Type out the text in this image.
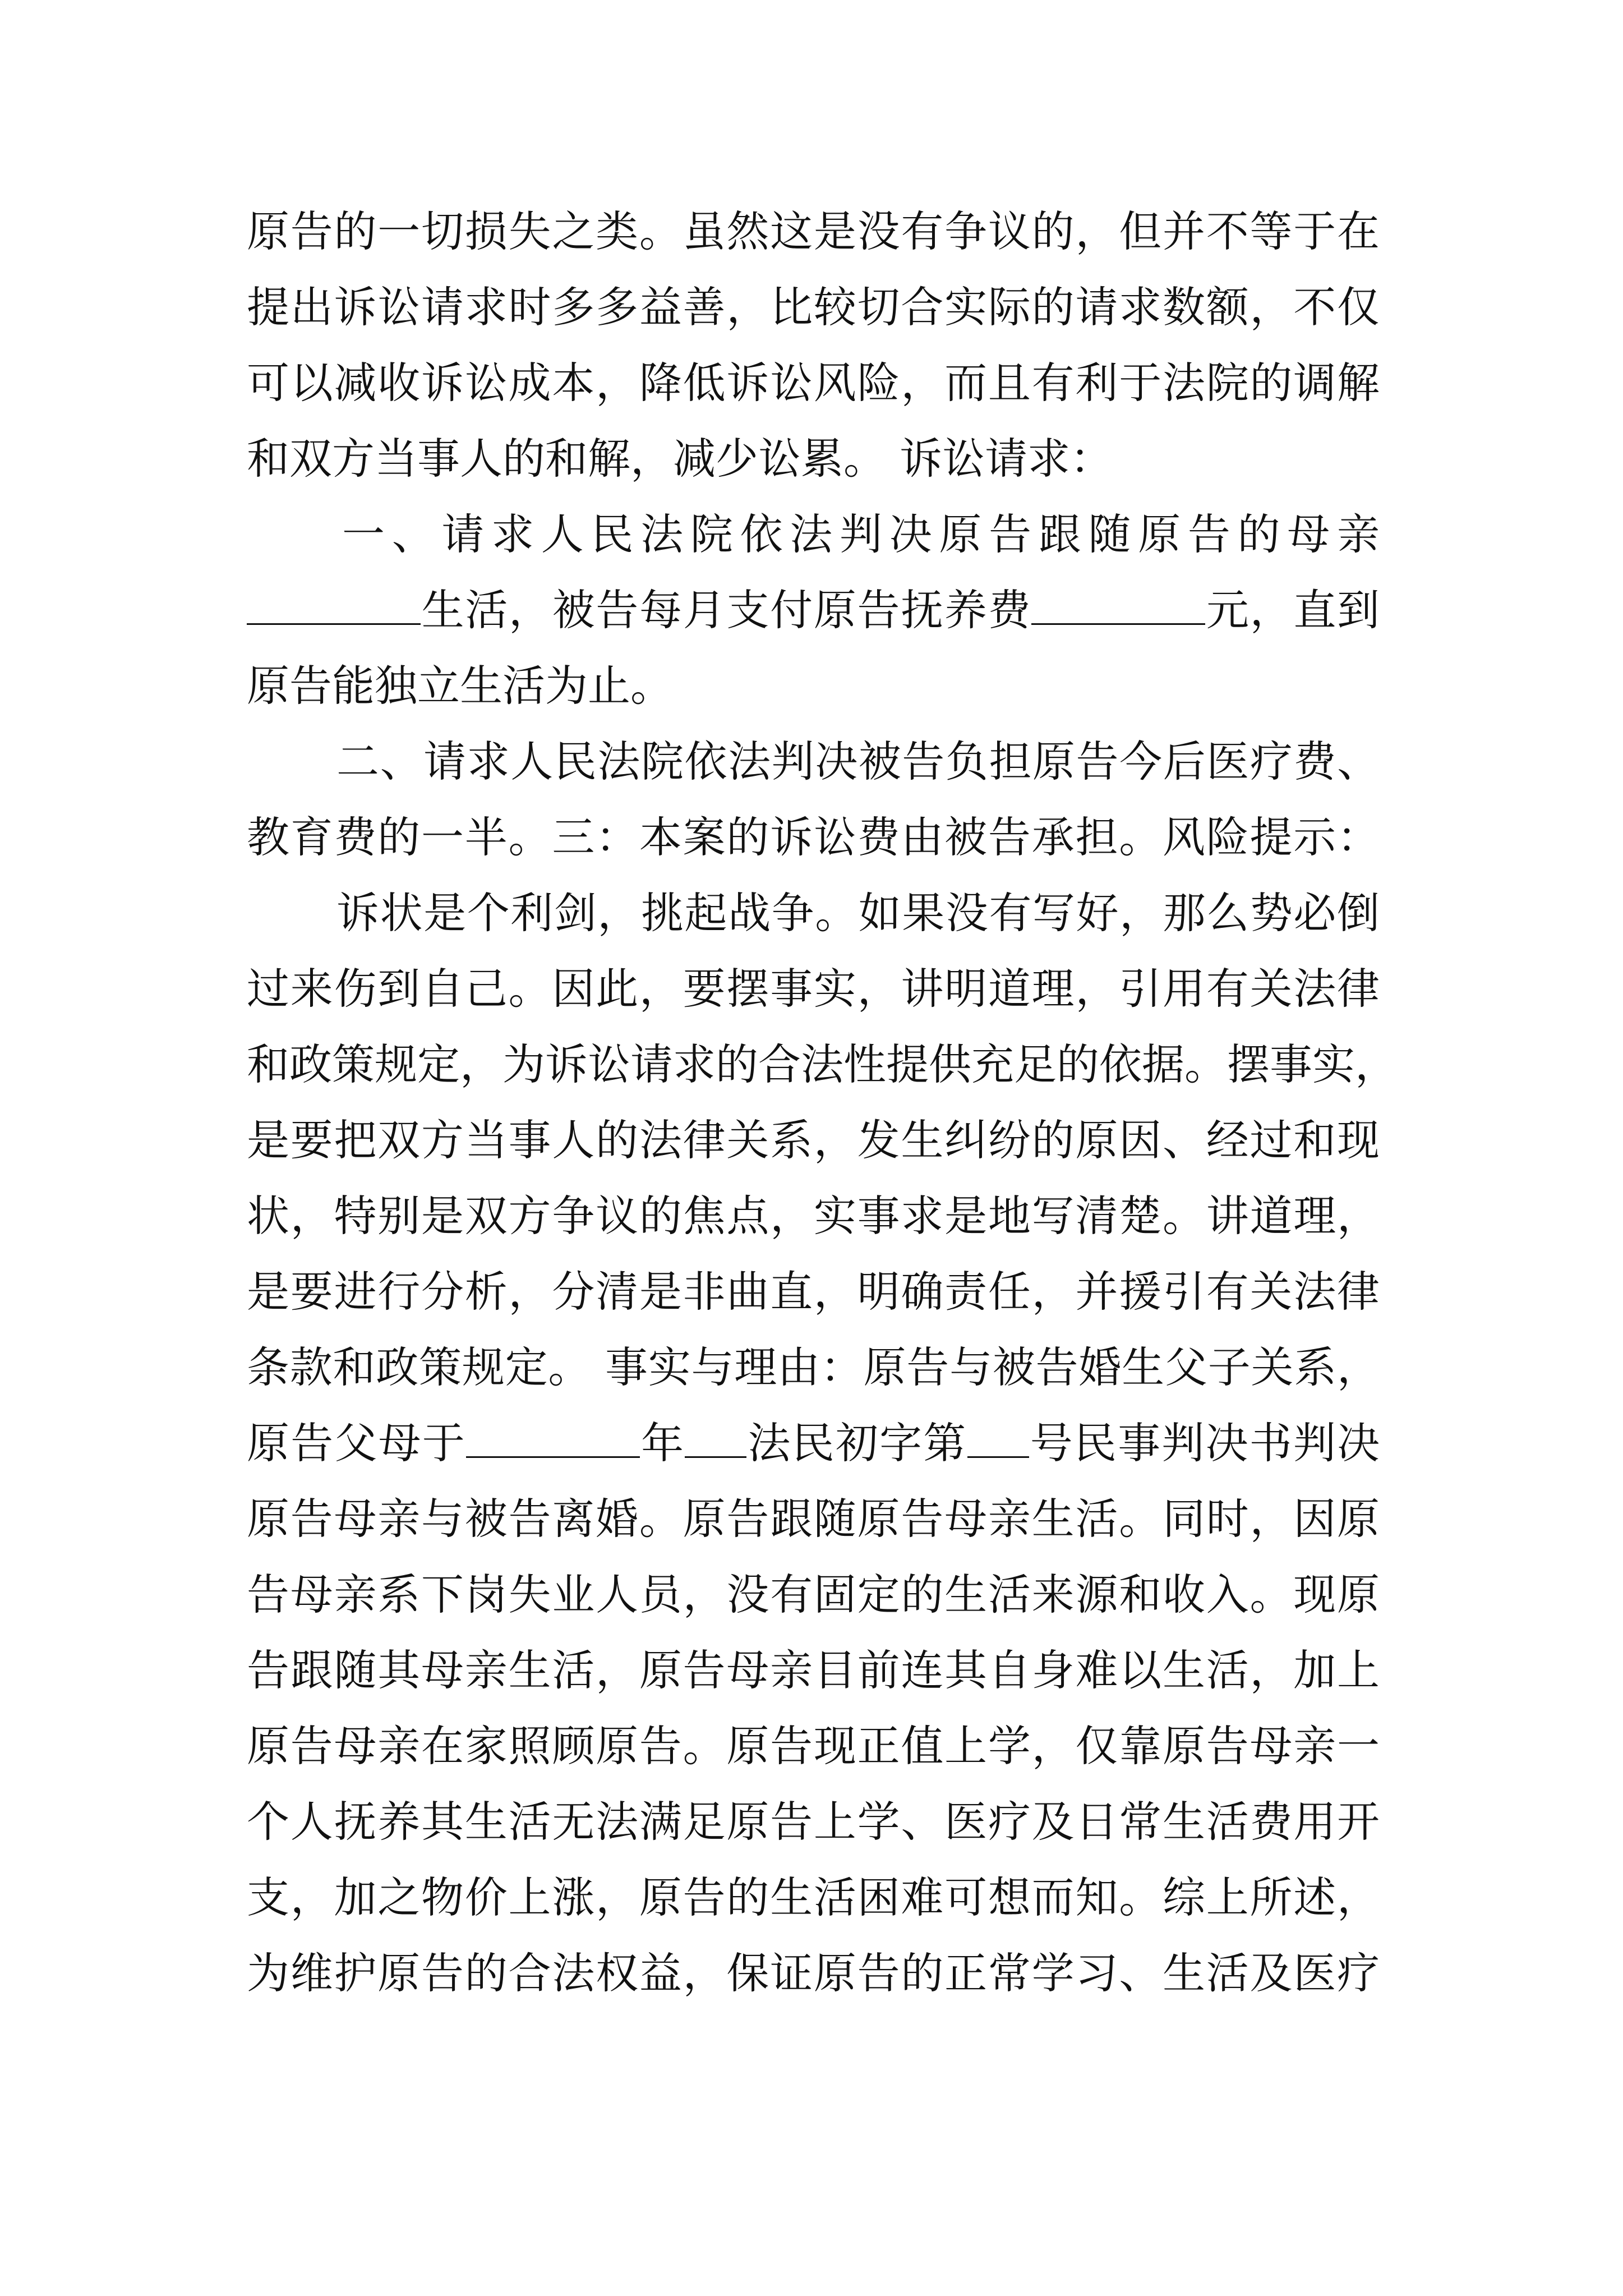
原告的一切损失之类。虽然这是没有争议的，但并不等于在
提出诉讼请求时多多益善，比较切合实际的请求数额，不仅
可以减收诉讼成本，降低诉讼风险，而且有利于法院的调解
和双方当事人的和解，减少讼累。 诉讼请求：
一、请求人民法院依法判决原告跟随原告的母亲
生活，被告每月支付原告抚养费	元，直到
原告能独立生活为止。
二、请求人民法院依法判决被告负担原告今后医疗费、
教育费的一半。三：本案的诉讼费由被告承担。风险提示：
诉状是个利剑，挑起战争。如果没有写好，那么势必倒
过来伤到自己。因此，要摆事实，讲明道理，引用有关法律
和政策规定，为诉讼请求的合法性提供充足的依据。摆事实，
是要把双方当事人的法律关系，发生纠纷的原因、经过和现
状，特别是双方争议的焦点，实事求是地写清楚。讲道理，
是要进行分析，分清是非曲直，明确责任，并援引有关法律
条款和政策规定。 事实与理由：原告与被告婚生父子关系，
原告父母于	年 法民初字第 号民事判决书判决
原告母亲与被告离婚。原告跟随原告母亲生活。同时，因原
告母亲系下岗失业人员，没有固定的生活来源和收入。现原
告跟随其母亲生活，原告母亲目前连其自身难以生活，加上
原告母亲在家照顾原告。原告现正值上学，仅靠原告母亲一
个人抚养其生活无法满足原告上学、医疗及日常生活费用开
支，加之物价上涨，原告的生活困难可想而知。综上所述，
为维护原告的合法权益，保证原告的正常学习、生活及医疗
